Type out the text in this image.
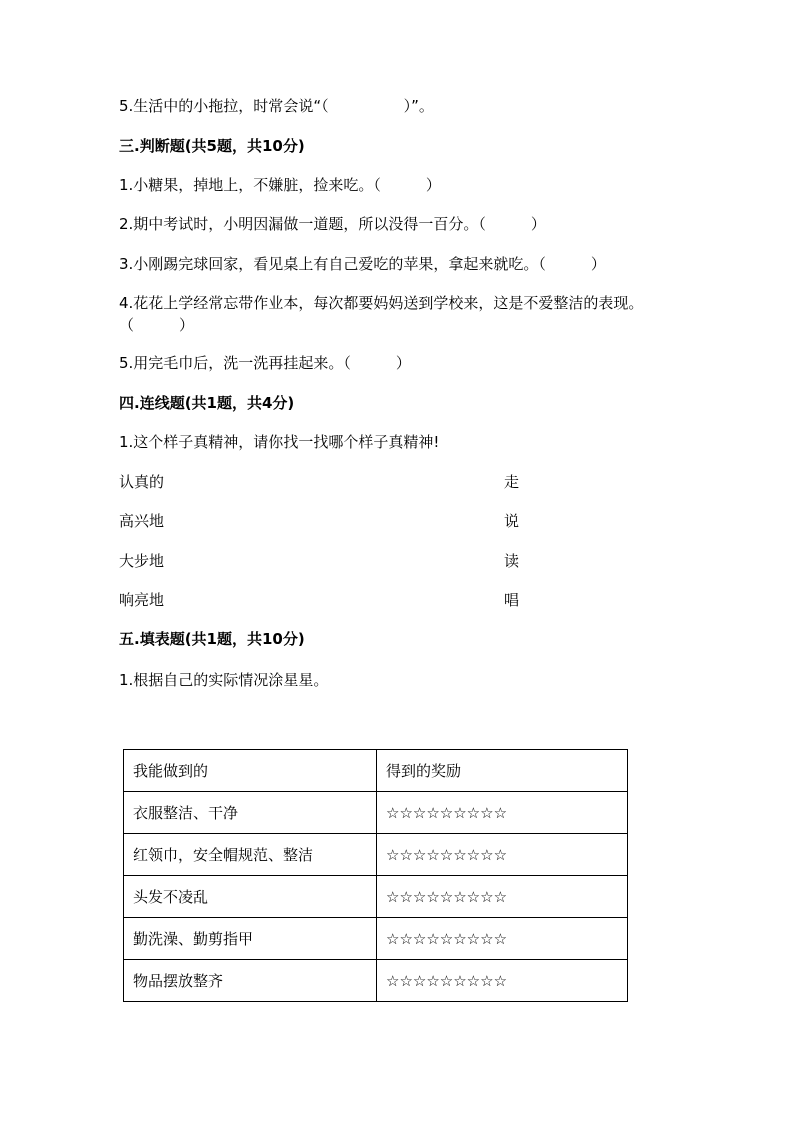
5.生活中的小拖拉，时常会说“（　　　　　）”。
三.判断题(共5题，共10分)
1.小糖果，掉地上，不嫌脏，捡来吃。（　　　）
2.期中考试时，小明因漏做一道题，所以没得一百分。（　　　）
3.小刚踢完球回家，看见桌上有自己爱吃的苹果，拿起来就吃。（　　　）
4.花花上学经常忘带作业本，每次都要妈妈送到学校来，这是不爱整洁的表现。（　　　）
5.用完毛巾后，洗一洗再挂起来。（　　　）
四.连线题(共1题，共4分)
1.这个样子真精神，请你找一找哪个样子真精神!
认真的	走
高兴地	说
大步地	读
响亮地	唱
五.填表题(共1题，共10分)
1.根据自己的实际情况涂星星。
我能做到的	得到的奖励
衣服整洁、干净	☆☆☆☆☆☆☆☆☆
红领巾，安全帽规范、整洁	☆☆☆☆☆☆☆☆☆
头发不凌乱	☆☆☆☆☆☆☆☆☆
勤洗澡、勤剪指甲	☆☆☆☆☆☆☆☆☆
物品摆放整齐	☆☆☆☆☆☆☆☆☆
